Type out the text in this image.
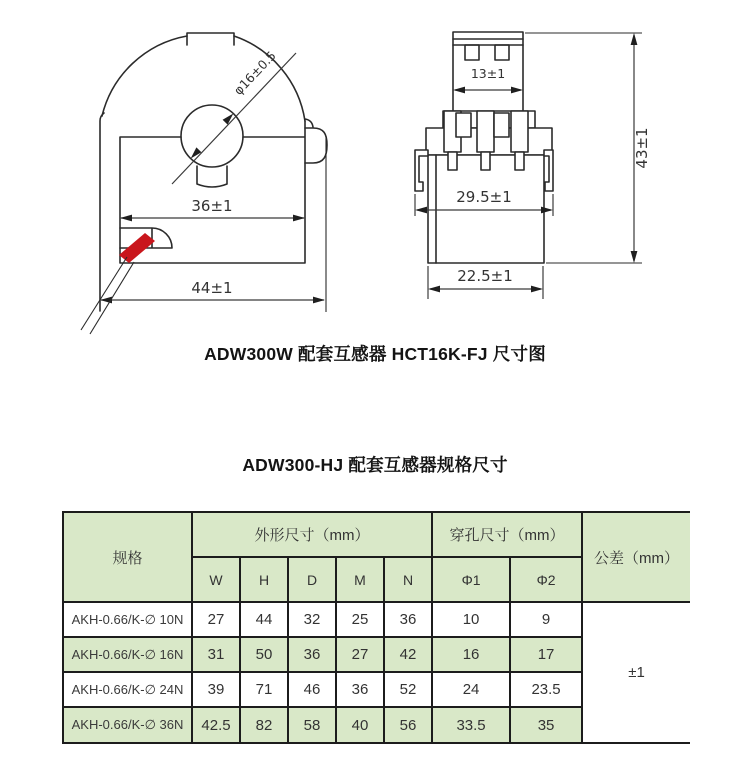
φ16±0.5
36±1
44±1
13±1
29.5±1
22.5±1
43±1
ADW300W 配套互感器 HCT16K-FJ 尺寸图
ADW300-HJ 配套互感器规格尺寸
规格	外形尺寸（mm）					穿孔尺寸（mm）		公差（mm）
	W	H	D	M	N	Φ1	Φ2	
AKH-0.66/K-∅ 10N	27	44	32	25	36	10	9	±1
AKH-0.66/K-∅ 16N	31	50	36	27	42	16	17	
AKH-0.66/K-∅ 24N	39	71	46	36	52	24	23.5	
AKH-0.66/K-∅ 36N	42.5	82	58	40	56	33.5	35	
